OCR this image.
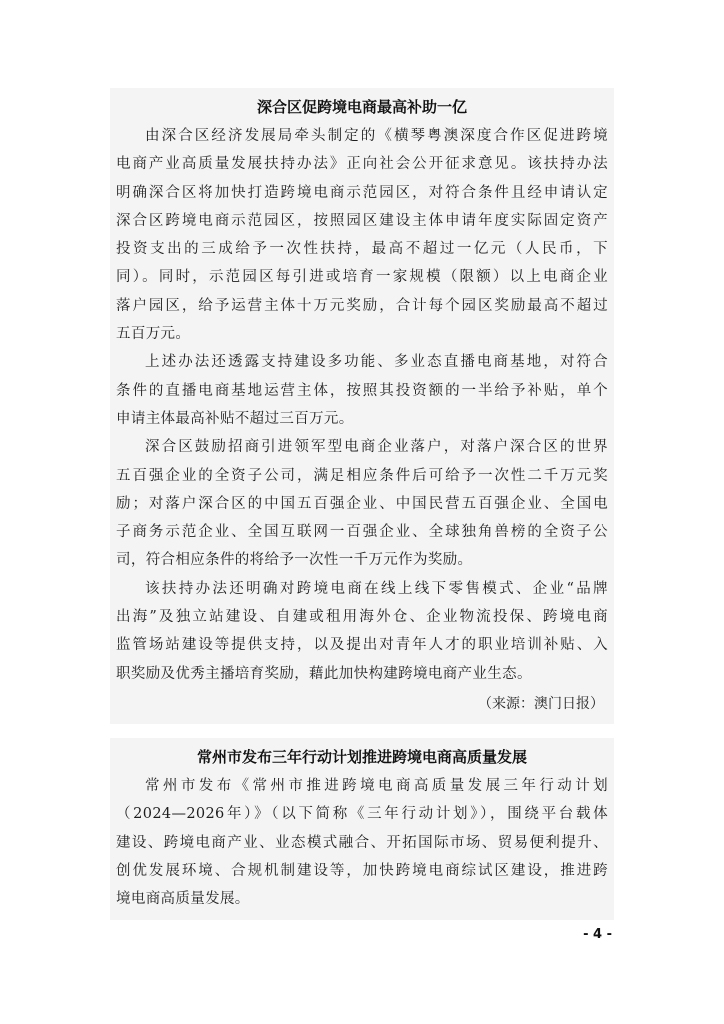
深合区促跨境电商最高补助一亿

由深合区经济发展局牵头制定的《横琴粤澳深度合作区促进跨境
电商产业高质量发展扶持办法》正向社会公开征求意见。该扶持办法
明确深合区将加快打造跨境电商示范园区，对符合条件且经申请认定
深合区跨境电商示范园区，按照园区建设主体申请年度实际固定资产
投资支出的三成给予一次性扶持，最高不超过一亿元（人民币，下
同）。同时，示范园区每引进或培育一家规模（限额）以上电商企业
落户园区，给予运营主体十万元奖励，合计每个园区奖励最高不超过
五百万元。

上述办法还透露支持建设多功能、多业态直播电商基地，对符合
条件的直播电商基地运营主体，按照其投资额的一半给予补贴，单个
申请主体最高补贴不超过三百万元。

深合区鼓励招商引进领军型电商企业落户，对落户深合区的世界
五百强企业的全资子公司，满足相应条件后可给予一次性二千万元奖
励；对落户深合区的中国五百强企业、中国民营五百强企业、全国电
子商务示范企业、全国互联网一百强企业、全球独角兽榜的全资子公
司，符合相应条件的将给予一次性一千万元作为奖励。

该扶持办法还明确对跨境电商在线上线下零售模式、企业“品牌
出海”及独立站建设、自建或租用海外仓、企业物流投保、跨境电商
监管场站建设等提供支持，以及提出对青年人才的职业培训补贴、入
职奖励及优秀主播培育奖励，藉此加快构建跨境电商产业生态。

（来源：澳门日报）
常州市发布三年行动计划推进跨境电商高质量发展

常州市发布《常州市推进跨境电商高质量发展三年行动计划
（2024—2026年）》（以下简称《三年行动计划》），围绕平台载体
建设、跨境电商产业、业态模式融合、开拓国际市场、贸易便利提升、
创优发展环境、合规机制建设等，加快跨境电商综试区建设，推进跨
境电商高质量发展。

- 4 -
